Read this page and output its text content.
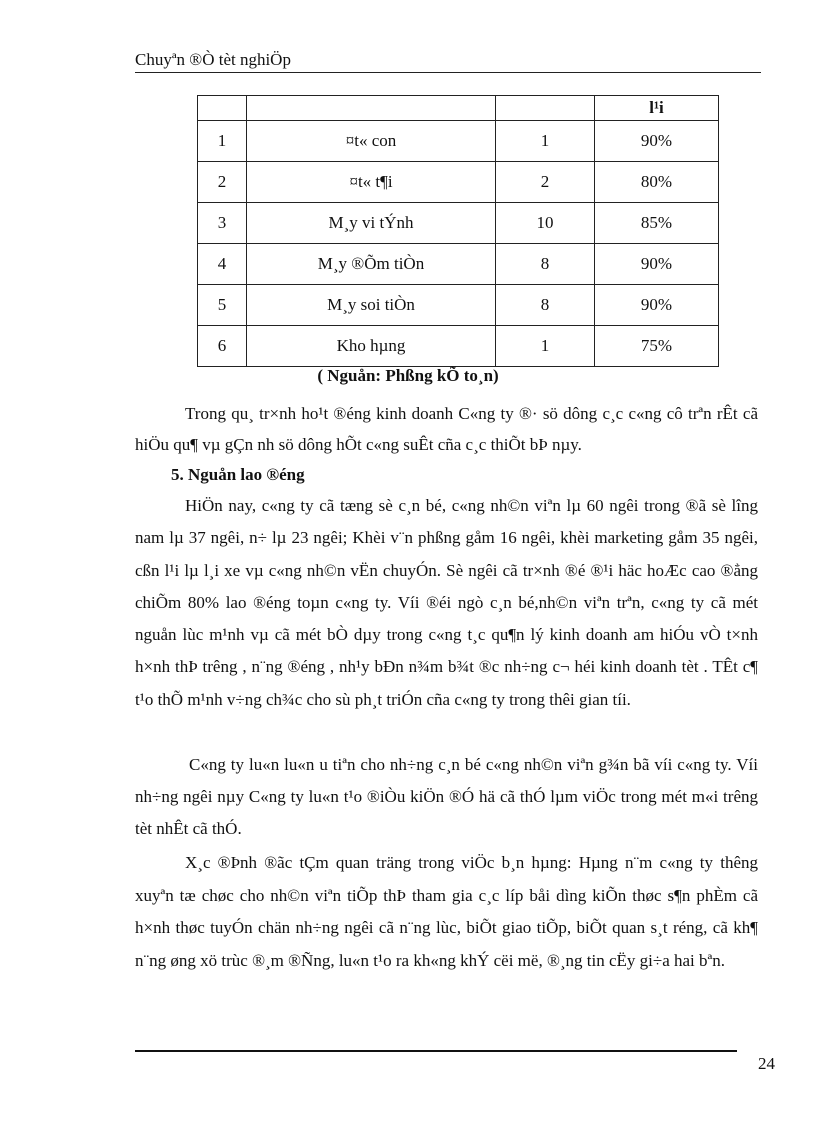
Chuyªn ®Ò tèt nghiÖp
			l¹i
1	¤t« con	1	90%
2	¤t« t¶i	2	80%
3	M¸y vi tÝnh	10	85%
4	M¸y ®Õm tiÒn	8	90%
5	M¸y soi tiÒn	8	90%
6	Kho hµng	1	75%
( Nguån: Phßng kÕ to¸n)

Trong qu¸ tr×nh ho¹t ®éng kinh doanh C«ng ty ®· sö dông c¸c c«ng cô trªn rÊt cã hiÖu qu¶ vµ gÇn nh sö dông hÕt c«ng suÊt cña c¸c thiÕt bÞ nµy.

5. Nguån lao ®éng

HiÖn nay, c«ng ty cã tæng sè c¸n bé, c«ng nh©n viªn lµ 60 ngêi trong ®ã sè lîng nam lµ 37 ngêi, n÷ lµ 23 ngêi; Khèi v¨n phßng gåm 16 ngêi, khèi marketing gåm 35 ngêi, cßn l¹i lµ l¸i xe vµ c«ng nh©n vËn chuyÓn. Sè ngêi cã tr×nh ®é ®¹i häc hoÆc cao ®ẳng chiÕm 80% lao ®éng toµn c«ng ty. Víi ®éi ngò c¸n bé,nh©n viªn trªn, c«ng ty cã mét nguån lùc m¹nh vµ cã mét bÒ dµy trong c«ng t¸c qu¶n lý kinh doanh am hiÓu vÒ t×nh h×nh thÞ trêng , n¨ng ®éng , nh¹y bÐn n¾m b¾t ®c nh÷ng c¬ héi kinh doanh tèt . TÊt c¶ t¹o thÕ m¹nh v÷ng ch¾c cho sù ph¸t triÓn cña c«ng ty trong thêi gian tíi.

C«ng ty lu«n lu«n u tiªn cho nh÷ng c¸n bé c«ng nh©n viªn g¾n bã víi c«ng ty. Víi nh÷ng ngêi nµy C«ng ty lu«n t¹o ®iÒu kiÖn ®Ó hä cã thÓ lµm viÖc trong mét m«i trêng tèt nhÊt cã thÓ.

X¸c ®Þnh ®ãc tÇm quan träng trong viÖc b¸n hµng: Hµng n¨m c«ng ty thêng xuyªn tæ chøc cho nh©n viªn tiÕp thÞ tham gia c¸c líp båi dìng kiÕn thøc s¶n phÈm cã h×nh thøc tuyÓn chän nh÷ng ngêi cã n¨ng lùc, biÕt giao tiÕp, biÕt quan s¸t réng, cã kh¶ n¨ng øng xö trùc ®¸m ®Ñng, lu«n t¹o ra kh«ng khÝ cëi më, ®¸ng tin cËy gi÷a hai bªn.

24
